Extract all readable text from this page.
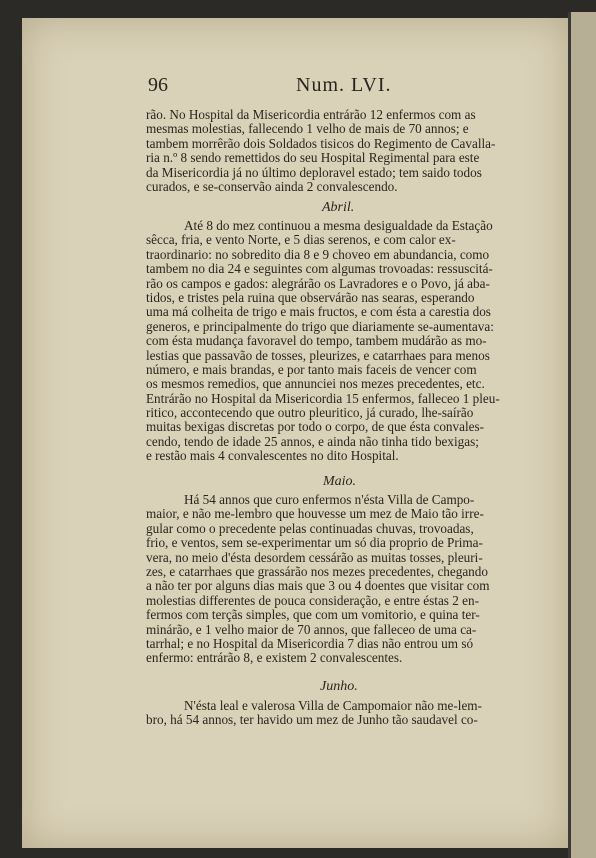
96	Num. LVI.
rão. No Hospital da Misericordia entrárão 12 enfermos com as
mesmas molestias, fallecendo 1 velho de mais de 70 annos; e
tambem morrêrão dois Soldados tisicos do Regimento de Cavalla-
ria n.º 8 sendo remettidos do seu Hospital Regimental para este
da Misericordia já no último deploravel estado; tem saido todos
curados, e se-conservão ainda 2 convalescendo.
Abril.
Até 8 do mez continuou a mesma desigualdade da Estação
sêcca, fria, e vento Norte, e 5 dias serenos, e com calor ex-
traordinario: no sobredito dia 8 e 9 choveo em abundancia, como
tambem no dia 24 e seguintes com algumas trovoadas: ressuscitá-
rão os campos e gados: alegrárão os Lavradores e o Povo, já aba-
tidos, e tristes pela ruina que observárão nas searas, esperando
uma má colheita de trigo e mais fructos, e com ésta a carestia dos
generos, e principalmente do trigo que diariamente se-aumentava:
com ésta mudança favoravel do tempo, tambem mudárão as mo-
lestias que passavão de tosses, pleurizes, e catarrhaes para menos
número, e mais brandas, e por tanto mais faceis de vencer com
os mesmos remedios, que annunciei nos mezes precedentes, etc.
Entrárão no Hospital da Misericordia 15 enfermos, falleceo 1 pleu-
ritico, accontecendo que outro pleuritico, já curado, lhe-saírão
muitas bexigas discretas por todo o corpo, de que ésta convales-
cendo, tendo de idade 25 annos, e ainda não tinha tido bexigas;
e restão mais 4 convalescentes no dito Hospital.
Maio.
Há 54 annos que curo enfermos n'ésta Villa de Campo-
maior, e não me-lembro que houvesse um mez de Maio tão irre-
gular como o precedente pelas continuadas chuvas, trovoadas,
frio, e ventos, sem se-experimentar um só dia proprio de Prima-
vera, no meio d'ésta desordem cessárão as muitas tosses, pleuri-
zes, e catarrhaes que grassárão nos mezes precedentes, chegando
a não ter por alguns dias mais que 3 ou 4 doentes que visitar com
molestias differentes de pouca consideração, e entre éstas 2 en-
fermos com terçãs simples, que com um vomitorio, e quina ter-
minárão, e 1 velho maior de 70 annos, que falleceo de uma ca-
tarrhal; e no Hospital da Misericordia 7 dias não entrou um só
enfermo: entrárão 8, e existem 2 convalescentes.
Junho.
N'ésta leal e valerosa Villa de Campomaior não me-lem-
bro, há 54 annos, ter havido um mez de Junho tão saudavel co-
